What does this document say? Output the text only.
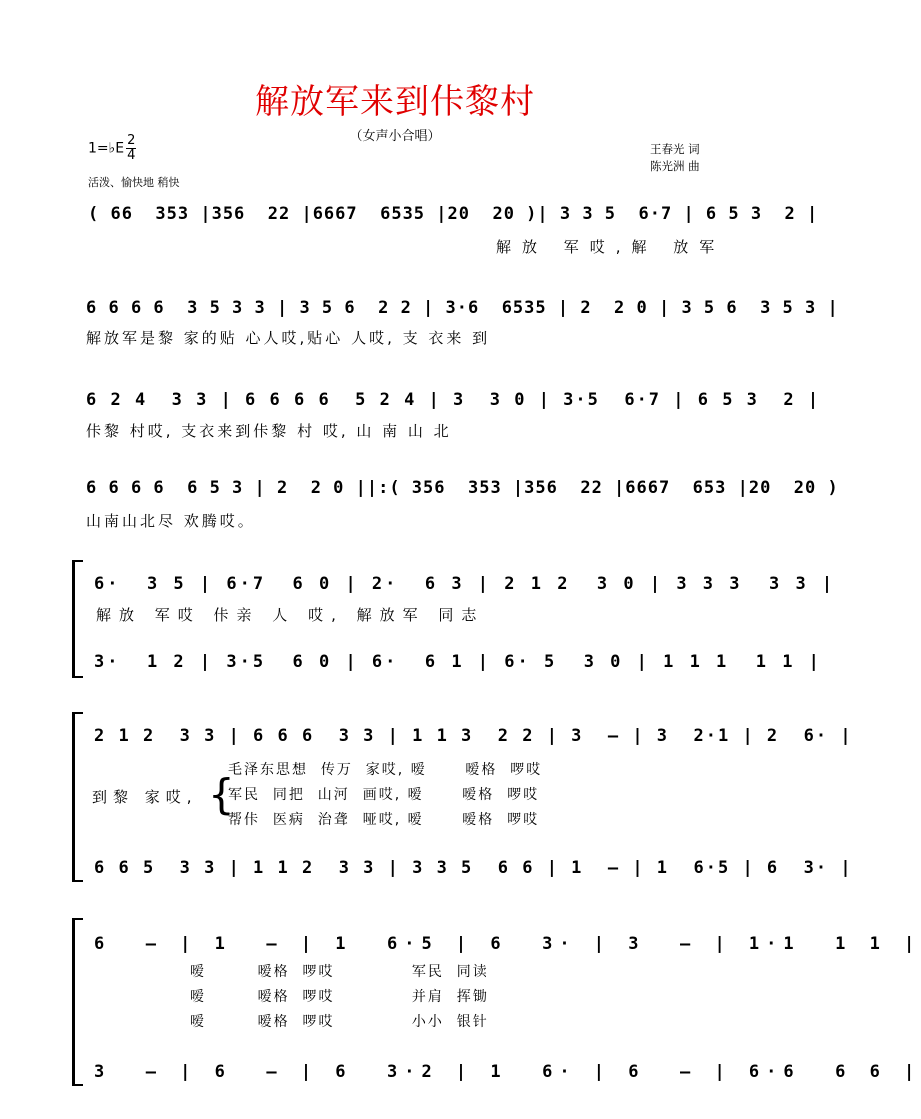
解放军来到佧黎村
（女声小合唱）
1=♭E $\frac{2}{4}$
活泼、愉快地 稍快
王春光 词
陈光洲 曲
( 66  353 |356  22 |6667  6535 |20  20 )| 3 3 5  6·7 | 6 5 3  2 |
解放 军哎,解 放军
6 6 6 6  3 5 3 3 | 3 5 6  2 2 | 3·6  6535 | 2  2 0 | 3 5 6  3 5 3 |
解放军是黎 家的贴 心人哎,贴心 人哎, 支 衣来 到
6 2 4  3 3 | 6 6 6 6  5 2 4 | 3  3 0 | 3·5  6·7 | 6 5 3  2 |
佧黎 村哎, 支衣来到佧黎 村 哎, 山 南 山 北
6 6 6 6  6 5 3 | 2  2 0 ||:( 356  353 |356  22 |6667  653 |20  20 )
山南山北尽 欢腾哎。
6·  3 5 | 6·7  6 0 | 2·  6 3 | 2 1 2  3 0 | 3 3 3  3 3 |
解放 军哎 佧亲 人 哎, 解放军 同志
3·  1 2 | 3·5  6 0 | 6·  6 1 | 6· 5  3 0 | 1 1 1  1 1 |
2 1 2  3 3 | 6 6 6  3 3 | 1 1 3  2 2 | 3  – | 3  2·1 | 2  6· |
到黎 家哎, {
毛泽东思想  传万  家哎, 嗳      嗳格  啰哎
军民  同把  山河  画哎, 嗳      嗳格  啰哎
帮佧  医病  治聋  哑哎, 嗳      嗳格  啰哎
6 6 5  3 3 | 1 1 2  3 3 | 3 3 5  6 6 | 1  – | 1  6·5 | 6  3· |
6  – | 1  – | 1  6·5 | 6  3· | 3  – | 1·1  1 1 |
嗳        嗳格  啰哎            军民  同读
嗳        嗳格  啰哎            并肩  挥锄
嗳        嗳格  啰哎            小小  银针
3  – | 6  – | 6  3·2 | 1  6· | 6  – | 6·6  6 6 |
